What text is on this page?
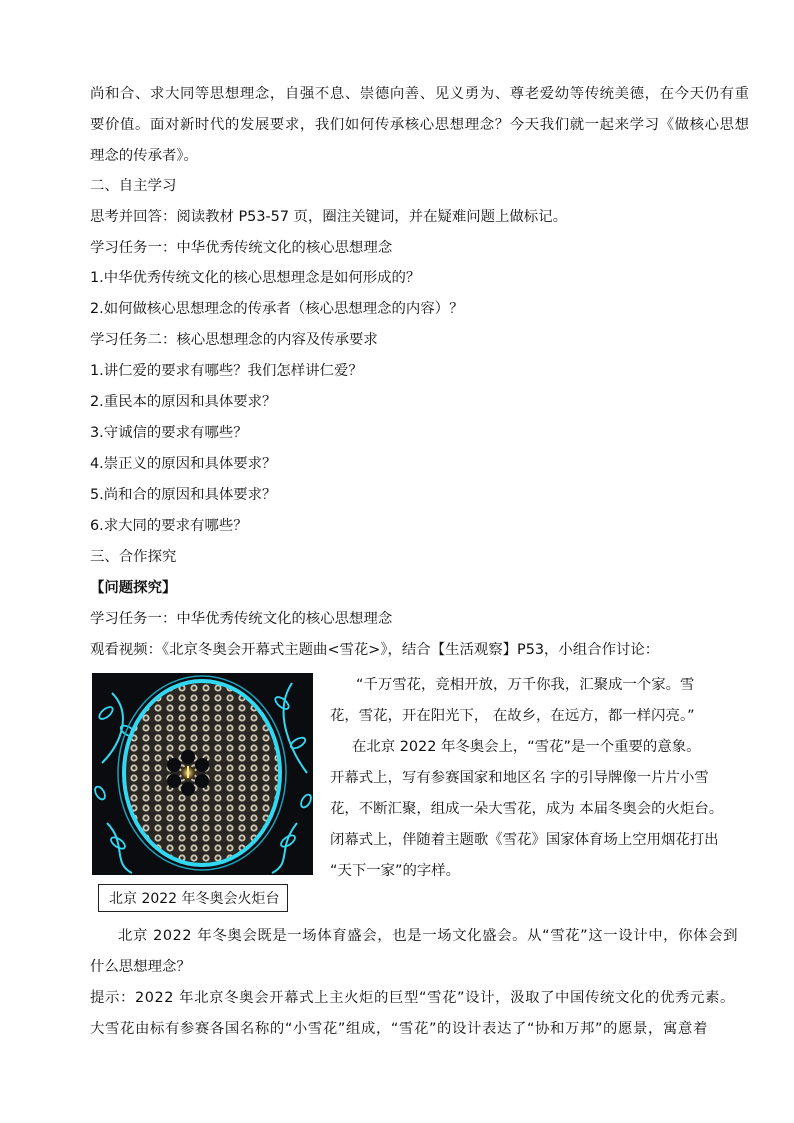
尚和合、求大同等思想理念，自强不息、崇德向善、见义勇为、尊老爱幼等传统美德，在今天仍有重
要价值。面对新时代的发展要求，我们如何传承核心思想理念？今天我们就一起来学习《做核心思想
理念的传承者》。
二、自主学习
思考并回答：阅读教材 P53-57 页，圈注关键词，并在疑难问题上做标记。
学习任务一：中华优秀传统文化的核心思想理念
1.中华优秀传统文化的核心思想理念是如何形成的？
2.如何做核心思想理念的传承者（核心思想理念的内容）？
学习任务二：核心思想理念的内容及传承要求
1.讲仁爱的要求有哪些？我们怎样讲仁爱？
2.重民本的原因和具体要求？
3.守诚信的要求有哪些？
4.崇正义的原因和具体要求？
5.尚和合的原因和具体要求？
6.求大同的要求有哪些？
三、合作探究
【问题探究】
学习任务一：中华优秀传统文化的核心思想理念
观看视频：《北京冬奥会开幕式主题曲<雪花>》，结合【生活观察】P53，小组合作讨论：
“千万雪花，竞相开放，万千你我，汇聚成一个家。雪
花，雪花，开在阳光下， 在故乡，在远方，都一样闪亮。”
在北京 2022 年冬奥会上，“雪花”是一个重要的意象。
开幕式上，写有参赛国家和地区名 字的引导牌像一片片小雪
花，不断汇聚，组成一朵大雪花，成为 本届冬奥会的火炬台。
闭幕式上，伴随着主题歌《雪花》国家体育场上空用烟花打出
“天下一家”的字样。
北京 2022 年冬奥会火炬台
北京 2022 年冬奥会既是一场体育盛会，也是一场文化盛会。从“雪花”这一设计中，你体会到
什么思想理念？
提示：2022 年北京冬奥会开幕式上主火炬的巨型“雪花”设计，汲取了中国传统文化的优秀元素。
大雪花由标有参赛各国名称的“小雪花”组成，“雪花”的设计表达了“协和万邦”的愿景，寓意着
